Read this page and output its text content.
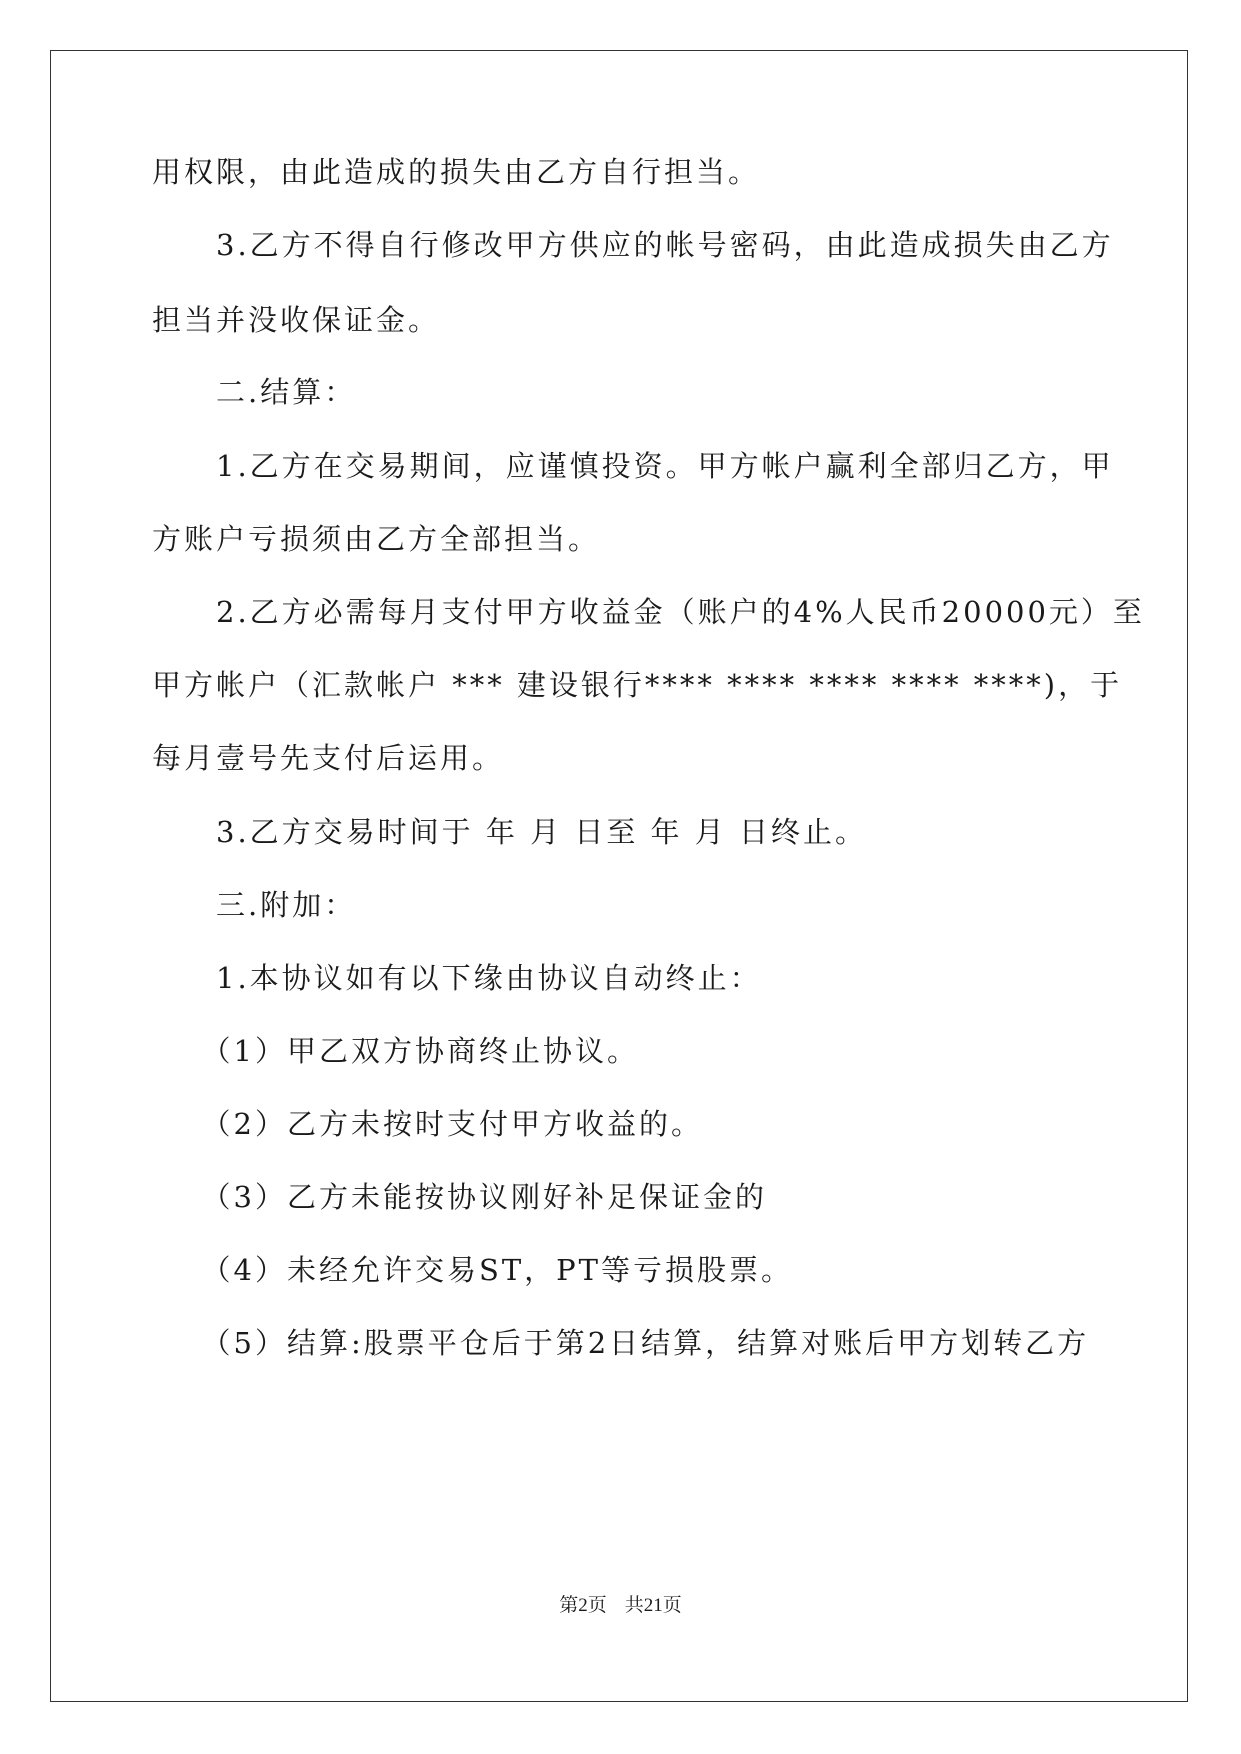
用权限，由此造成的损失由乙方自行担当。
　　3.乙方不得自行修改甲方供应的帐号密码，由此造成损失由乙方
担当并没收保证金。
　　二.结算：
　　1.乙方在交易期间，应谨慎投资。甲方帐户赢利全部归乙方，甲
方账户亏损须由乙方全部担当。
　　2.乙方必需每月支付甲方收益金（账户的4%人民币20000元）至
甲方帐户（汇款帐户 *** 建设银行**** **** **** **** ****)，于
每月壹号先支付后运用。
　　3.乙方交易时间于 年 月 日至 年 月 日终止。
　　三.附加：
　　1.本协议如有以下缘由协议自动终止：
　　（1）甲乙双方协商终止协议。
　　（2）乙方未按时支付甲方收益的。
　　（3）乙方未能按协议刚好补足保证金的
　　（4）未经允许交易ST，PT等亏损股票。
　　（5）结算:股票平仓后于第2日结算，结算对账后甲方划转乙方
第2页 共21页
